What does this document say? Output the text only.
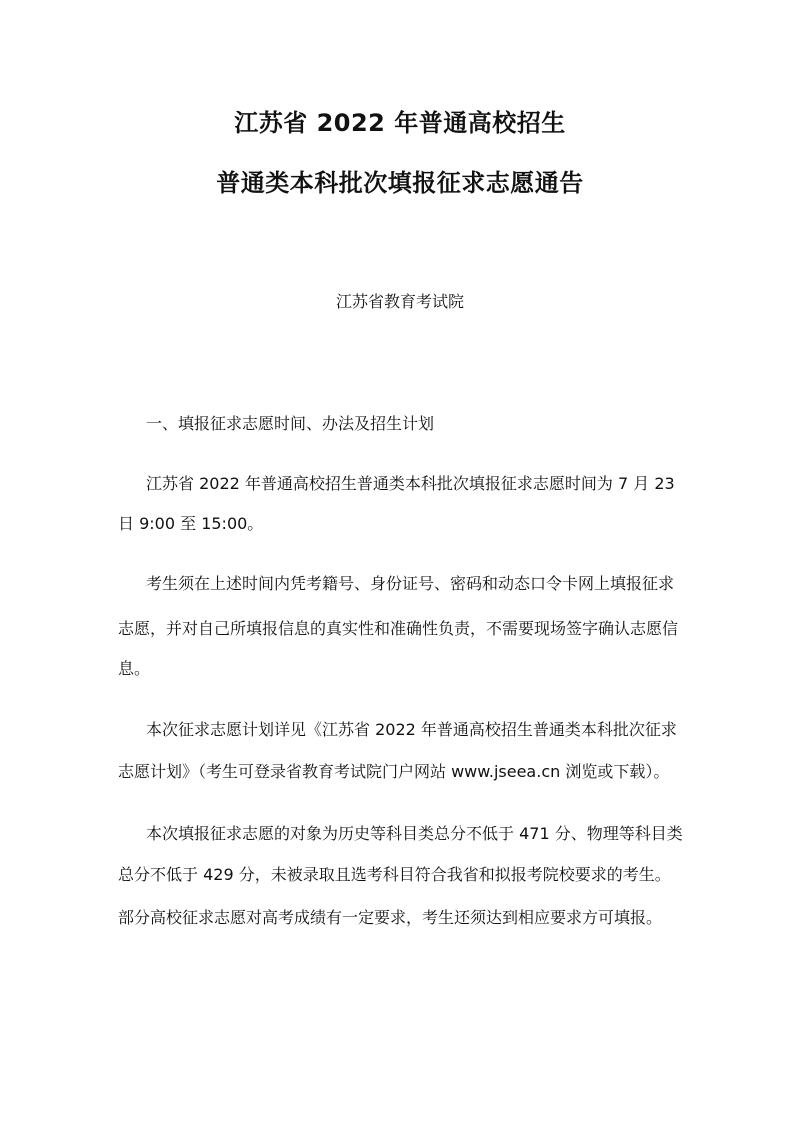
江苏省 2022 年普通高校招生
普通类本科批次填报征求志愿通告
江苏省教育考试院
一、填报征求志愿时间、办法及招生计划
江苏省 2022 年普通高校招生普通类本科批次填报征求志愿时间为 7 月 23
日 9:00 至 15:00。
考生须在上述时间内凭考籍号、身份证号、密码和动态口令卡网上填报征求
志愿，并对自己所填报信息的真实性和准确性负责，不需要现场签字确认志愿信
息。
本次征求志愿计划详见《江苏省 2022 年普通高校招生普通类本科批次征求
志愿计划》（考生可登录省教育考试院门户网站 www.jseea.cn 浏览或下载）。
本次填报征求志愿的对象为历史等科目类总分不低于 471 分、物理等科目类
总分不低于 429 分，未被录取且选考科目符合我省和拟报考院校要求的考生。
部分高校征求志愿对高考成绩有一定要求，考生还须达到相应要求方可填报。
